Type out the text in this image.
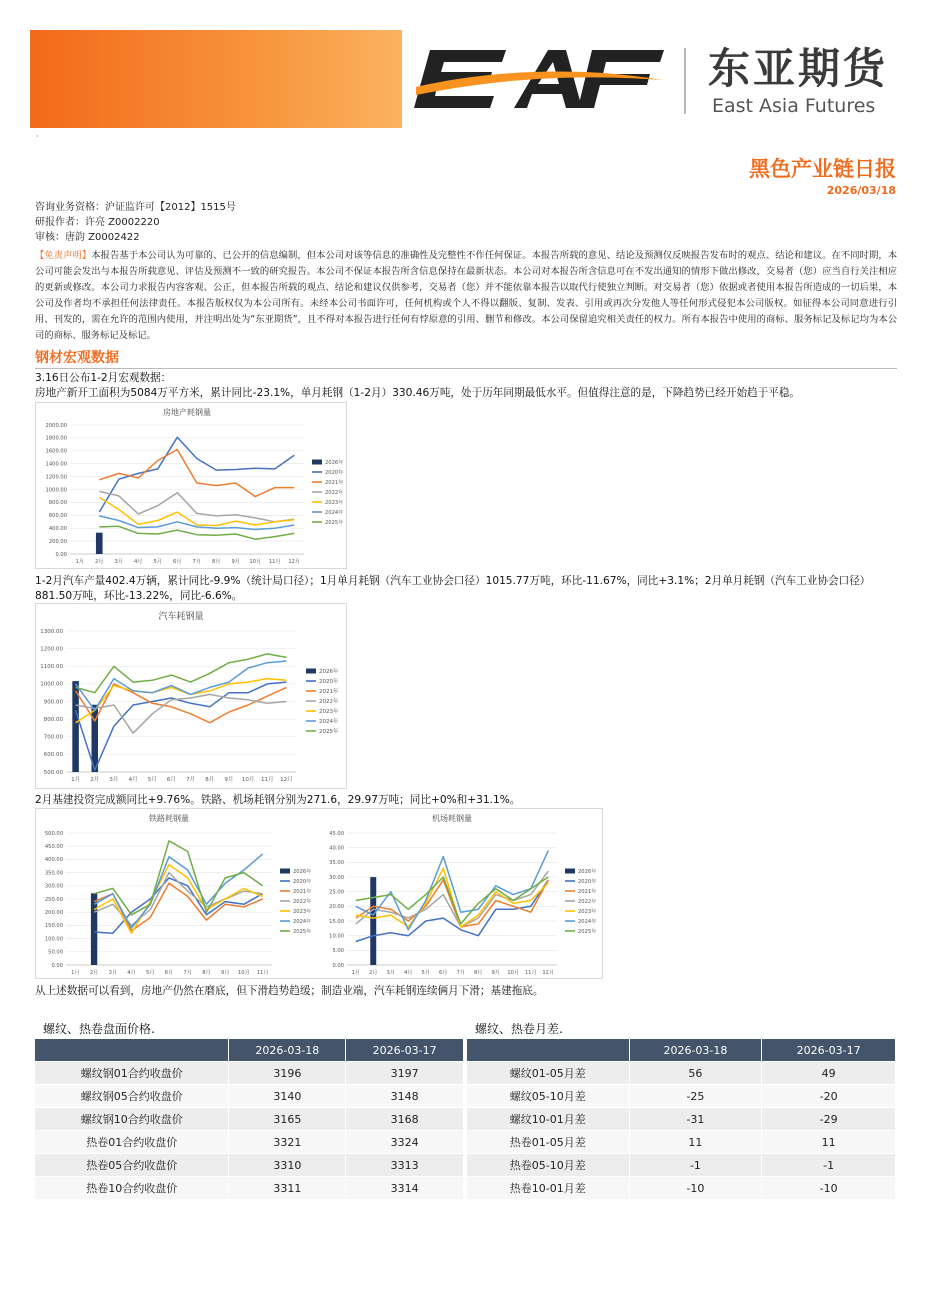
东亚期货
East Asia Futures
·
黑色产业链日报
2026/03/18
咨询业务资格：沪证监许可【2012】1515号
研报作者：许亮 Z0002220
审核：唐韵 Z0002422
【免责声明】本报告基于本公司认为可靠的、已公开的信息编制，但本公司对该等信息的准确性及完整性不作任何保证。本报告所载的意见、结论及预测仅反映报告发布时的观点、结论和建议。在不同时期，本公司可能会发出与本报告所载意见、评估及预测不一致的研究报告。本公司不保证本报告所含信息保持在最新状态。本公司对本报告所含信息可在不发出通知的情形下做出修改，交易者（您）应当自行关注相应的更新或修改。本公司力求报告内容客观、公正，但本报告所载的观点、结论和建议仅供参考，交易者（您）并不能依靠本报告以取代行使独立判断。对交易者（您）依据或者使用本报告所造成的一切后果，本公司及作者均不承担任何法律责任。本报告版权仅为本公司所有。未经本公司书面许可，任何机构或个人不得以翻版、复制、发表、引用或再次分发他人等任何形式侵犯本公司版权。如征得本公司同意进行引用、刊发的，需在允许的范围内使用，并注明出处为“东亚期货”，且不得对本报告进行任何有悖原意的引用、删节和修改。本公司保留追究相关责任的权力。所有本报告中使用的商标、服务标记及标记均为本公司的商标、服务标记及标记。
钢材宏观数据
3.16日公布1-2月宏观数据：
房地产新开工面积为5084万平方米，累计同比-23.1%，单月耗钢（1-2月）330.46万吨，处于历年同期最低水平。但值得注意的是，下降趋势已经开始趋于平稳。
房地产耗钢量
0.00
200.00
400.00
600.00
800.00
1000.00
1200.00
1400.00
1600.00
1800.00
2000.00
1月 2月 3月 4月 5月 6月 7月 8月 9月 10月 11月 12月
2026年
2020年
2021年
2022年
2023年
2024年
2025年
1-2月汽车产量402.4万辆，累计同比-9.9%（统计局口径）；1月单月耗钢（汽车工业协会口径）1015.77万吨，环比-11.67%，同比+3.1%；2月单月耗钢（汽车工业协会口径）881.50万吨，环比-13.22%，同比-6.6%。
汽车耗钢量
500.00
600.00
700.00
800.00
900.00
1000.00
1100.00
1200.00
1300.00
1月 2月 3月 4月 5月 6月 7月 8月 9月 10月 11月 12月
2026年
2020年
2021年
2022年
2023年
2024年
2025年
2月基建投资完成额同比+9.76%。铁路、机场耗钢分别为271.6，29.97万吨；同比+0%和+31.1%。
铁路耗钢量
0.00
50.00
100.00
150.00
200.00
250.00
300.00
350.00
400.00
450.00
500.00
1月 2月 3月 4月 5月 6月 7月 8月 9月 10月 11月
2026年
2020年
2021年
2022年
2023年
2024年
2025年
机场耗钢量
0.00
5.00
10.00
15.00
20.00
25.00
30.00
35.00
40.00
45.00
1月 2月 3月 4月 5月 6月 7月 8月 9月 10月 11月 12月
2026年
2020年
2021年
2022年
2023年
2024年
2025年
从上述数据可以看到，房地产仍然在磨底，但下滑趋势趋缓；制造业端，汽车耗钢连续俩月下滑；基建拖底。
螺纹、热卷盘面价格.	螺纹、热卷月差.
	2026-03-18	2026-03-17
螺纹钢01合约收盘价	3196	3197
螺纹钢05合约收盘价	3140	3148
螺纹钢10合约收盘价	3165	3168
热卷01合约收盘价	3321	3324
热卷05合约收盘价	3310	3313
热卷10合约收盘价	3311	3314
	2026-03-18	2026-03-17
螺纹01-05月差	56	49
螺纹05-10月差	-25	-20
螺纹10-01月差	-31	-29
热卷01-05月差	11	11
热卷05-10月差	-1	-1
热卷10-01月差	-10	-10
